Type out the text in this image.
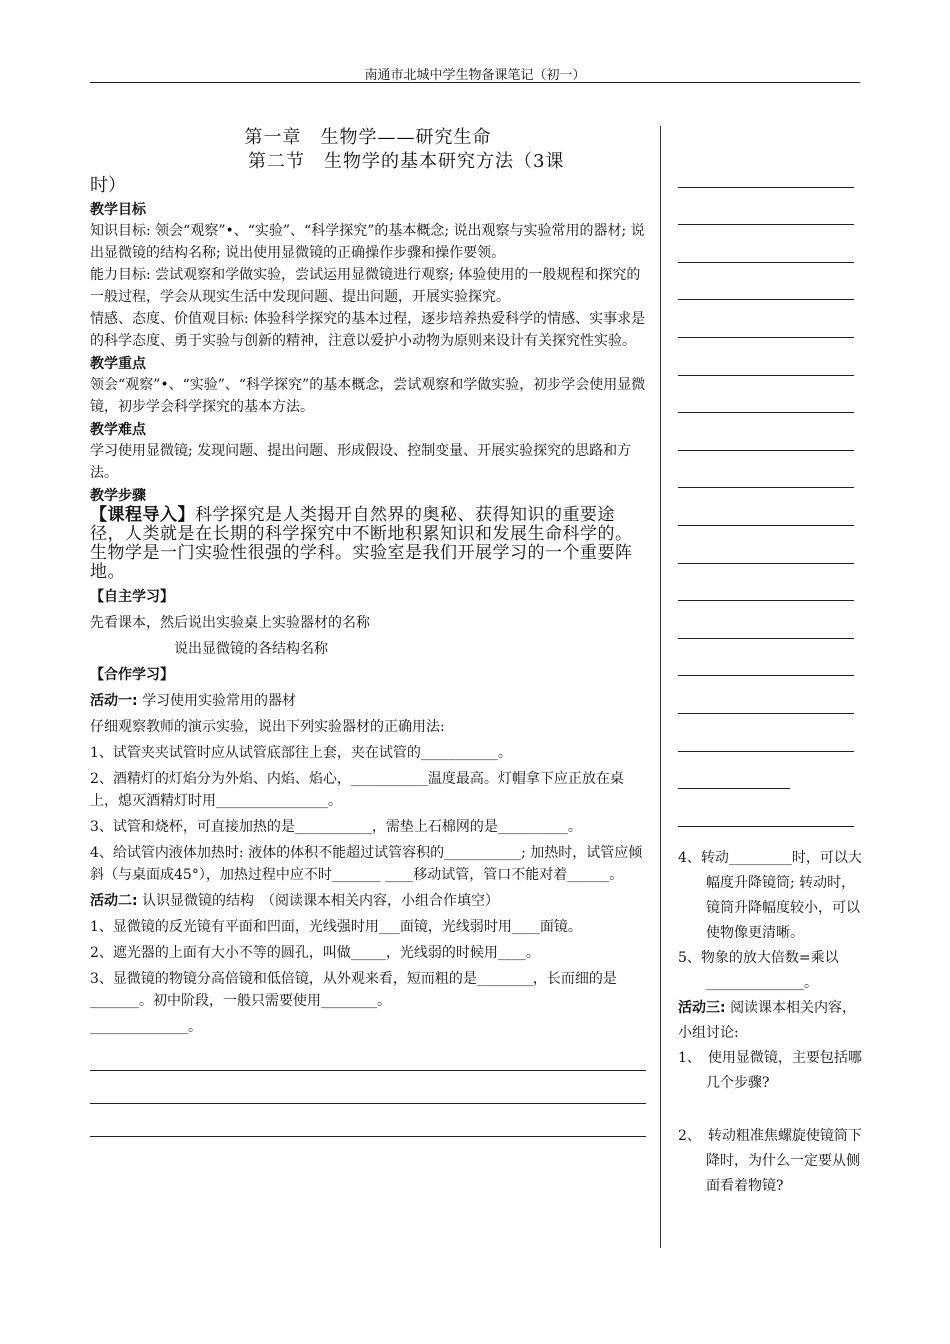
南通市北城中学生物备课笔记（初一）
第一章　生物学——研究生命
第二节　生物学的基本研究方法（3课
时）
教学目标

知识目标: 领会“观察”•、“实验”、“科学探究”的基本概念; 说出观察与实验常用的器材; 说出显微镜的结构名称; 说出使用显微镜的正确操作步骤和操作要领。

能力目标: 尝试观察和学做实验，尝试运用显微镜进行观察; 体验使用的一般规程和探究的一般过程，学会从现实生活中发现问题、提出问题，开展实验探究。

情感、态度、价值观目标: 体验科学探究的基本过程，逐步培养热爱科学的情感、实事求是的科学态度、勇于实验与创新的精神，注意以爱护小动物为原则来设计有关探究性实验。

教学重点

领会“观察”•、“实验”、“科学探究”的基本概念，尝试观察和学做实验，初步学会使用显微镜，初步学会科学探究的基本方法。

教学难点

学习使用显微镜; 发现问题、提出问题、形成假设、控制变量、开展实验探究的思路和方法。

教学步骤

【课程导入】科学探究是人类揭开自然界的奥秘、获得知识的重要途径，人类就是在长期的科学探究中不断地积累知识和发展生命科学的。生物学是一门实验性很强的学科。实验室是我们开展学习的一个重要阵地。

【自主学习】

先看课本，然后说出实验桌上实验器材的名称

说出显微镜的各结构名称

【合作学习】

活动一: 学习使用实验常用的器材

仔细观察教师的演示实验，说出下列实验器材的正确用法:

1、试管夹夹试管时应从试管底部往上套，夹在试管的___________。

2、酒精灯的灯焰分为外焰、内焰、焰心，___________温度最高。灯帽拿下应正放在桌上，熄灭酒精灯时用________________。

3、试管和烧杯，可直接加热的是___________，需垫上石棉网的是__________。

4、给试管内液体加热时: 液体的体积不能超过试管容积的___________; 加热时，试管应倾斜（与桌面成45°），加热过程中应不时_______ ____移动试管，管口不能对着______。

活动二: 认识显微镜的结构　（阅读课本相关内容，小组合作填空）

1、显微镜的反光镜有平面和凹面，光线强时用___面镜，光线弱时用____面镜。

2、遮光器的上面有大小不等的圆孔，叫做_____，光线弱的时候用____。

3、显微镜的物镜分高倍镜和低倍镜，从外观来看，短而粗的是________，长而细的是_______。初中阶段，一般只需要使用________。

______________。

4、转动_________时，可以大幅度升降镜筒; 转动时，镜筒升降幅度较小，可以使物像更清晰。

5、物象的放大倍数=乘以______________。

活动三: 阅读课本相关内容，小组讨论:

1、　使用显微镜，主要包括哪几个步骤?

2、　转动粗准焦螺旋使镜筒下降时，为什么一定要从侧面看着物镜?
